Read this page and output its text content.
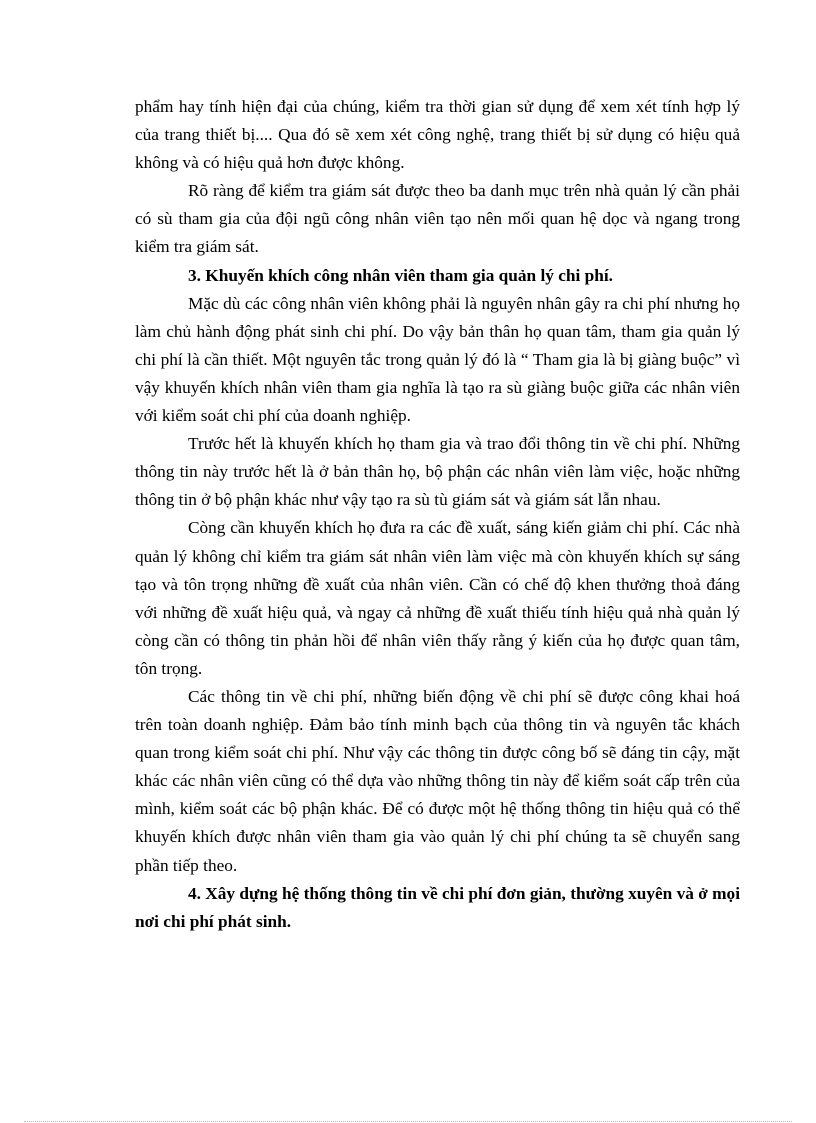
phẩm hay tính hiện đại của chúng, kiểm tra thời gian sử dụng để xem xét tính hợp lý của trang thiết bị.... Qua đó sẽ xem xét công nghệ, trang thiết bị sử dụng có hiệu quả không và có hiệu quả hơn được không.

Rõ ràng để kiểm tra giám sát được theo ba danh mục trên nhà quản lý cần phải có sù tham gia của đội ngũ công nhân viên tạo nên mối quan hệ dọc và ngang trong kiểm tra giám sát.

3. Khuyến khích công nhân viên tham gia quản lý chi phí.

Mặc dù các công nhân viên không phải là nguyên nhân gây ra chi phí nhưng họ làm chủ hành động phát sinh chi phí. Do vậy bản thân họ quan tâm, tham gia quản lý chi phí là cần thiết. Một nguyên tắc trong quản lý đó là “ Tham gia là bị giàng buộc” vì vậy khuyến khích nhân viên tham gia nghĩa là tạo ra sù giàng buộc giữa các nhân viên với kiểm soát chi phí của doanh nghiệp.

Trước hết là khuyến khích họ tham gia và trao đổi thông tin về chi phí. Những thông tin này trước hết là ở bản thân họ, bộ phận các nhân viên làm việc, hoặc những thông tin ở bộ phận khác như vậy tạo ra sù tù giám sát và giám sát lẫn nhau.

Còng cần khuyến khích họ đưa ra các đề xuất, sáng kiến giảm chi phí. Các nhà quản lý không chỉ kiểm tra giám sát nhân viên làm việc mà còn khuyến khích sự sáng tạo và tôn trọng những đề xuất của nhân viên. Cần có chế độ khen thưởng thoả đáng với những đề xuất hiệu quả, và ngay cả những đề xuất thiếu tính hiệu quả nhà quản lý còng cần có thông tin phản hồi để nhân viên thấy rằng ý kiến của họ được quan tâm, tôn trọng.

Các thông tin về chi phí, những biến động về chi phí sẽ được công khai hoá trên toàn doanh nghiệp. Đảm bảo tính minh bạch của thông tin và nguyên tắc khách quan trong kiểm soát chi phí. Như vậy các thông tin được công bố sẽ đáng tin cậy, mặt khác các nhân viên cũng có thể dựa vào những thông tin này để kiểm soát cấp trên của mình, kiểm soát các bộ phận khác. Để có được một hệ thống thông tin hiệu quả có thể khuyến khích được nhân viên tham gia vào quản lý chi phí chúng ta sẽ chuyển sang phần tiếp theo.

4. Xây dựng hệ thống thông tin về chi phí đơn giản, thường xuyên và ở mọi nơi chi phí phát sinh.
